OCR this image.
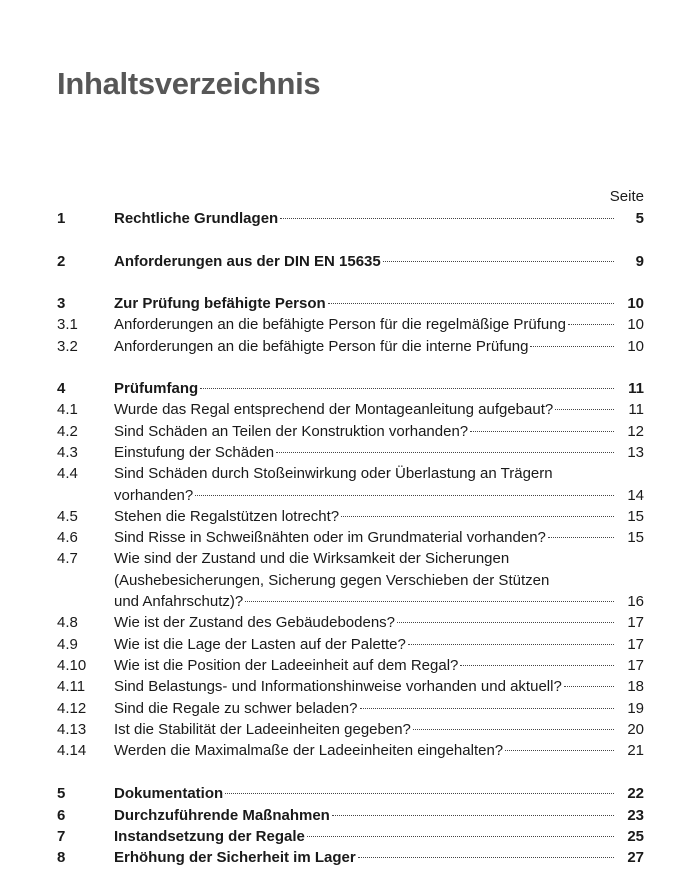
Inhaltsverzeichnis
Seite
1	Rechtliche Grundlagen	5
2	Anforderungen aus der DIN EN 15635	9
3	Zur Prüfung befähigte Person	10
3.1 Anforderungen an die befähigte Person für die regelmäßige Prüfung	10
3.2 Anforderungen an die befähigte Person für die interne Prüfung	10
4	Prüfumfang	11
4.1 Wurde das Regal entsprechend der Montageanleitung aufgebaut?	11
4.2 Sind Schäden an Teilen der Konstruktion vorhanden?	12
4.3 Einstufung der Schäden	13
4.4 Sind Schäden durch Stoßeinwirkung oder Überlastung an Trägern
vorhanden?	14
4.5 Stehen die Regalstützen lotrecht?	15
4.6 Sind Risse in Schweißnähten oder im Grundmaterial vorhanden?	15
4.7 Wie sind der Zustand und die Wirksamkeit der Sicherungen
(Aushebesicherungen, Sicherung gegen Verschieben der Stützen
und Anfahrschutz)?	16
4.8 Wie ist der Zustand des Gebäudebodens?	17
4.9 Wie ist die Lage der Lasten auf der Palette?	17
4.10 Wie ist die Position der Ladeeinheit auf dem Regal?	17
4.11 Sind Belastungs- und Informationshinweise vorhanden und aktuell?	18
4.12 Sind die Regale zu schwer beladen?	19
4.13 Ist die Stabilität der Ladeeinheiten gegeben?	20
4.14 Werden die Maximalmaße der Ladeeinheiten eingehalten?	21
5	Dokumentation	22
6	Durchzuführende Maßnahmen	23
7	Instandsetzung der Regale	25
8	Erhöhung der Sicherheit im Lager	27
